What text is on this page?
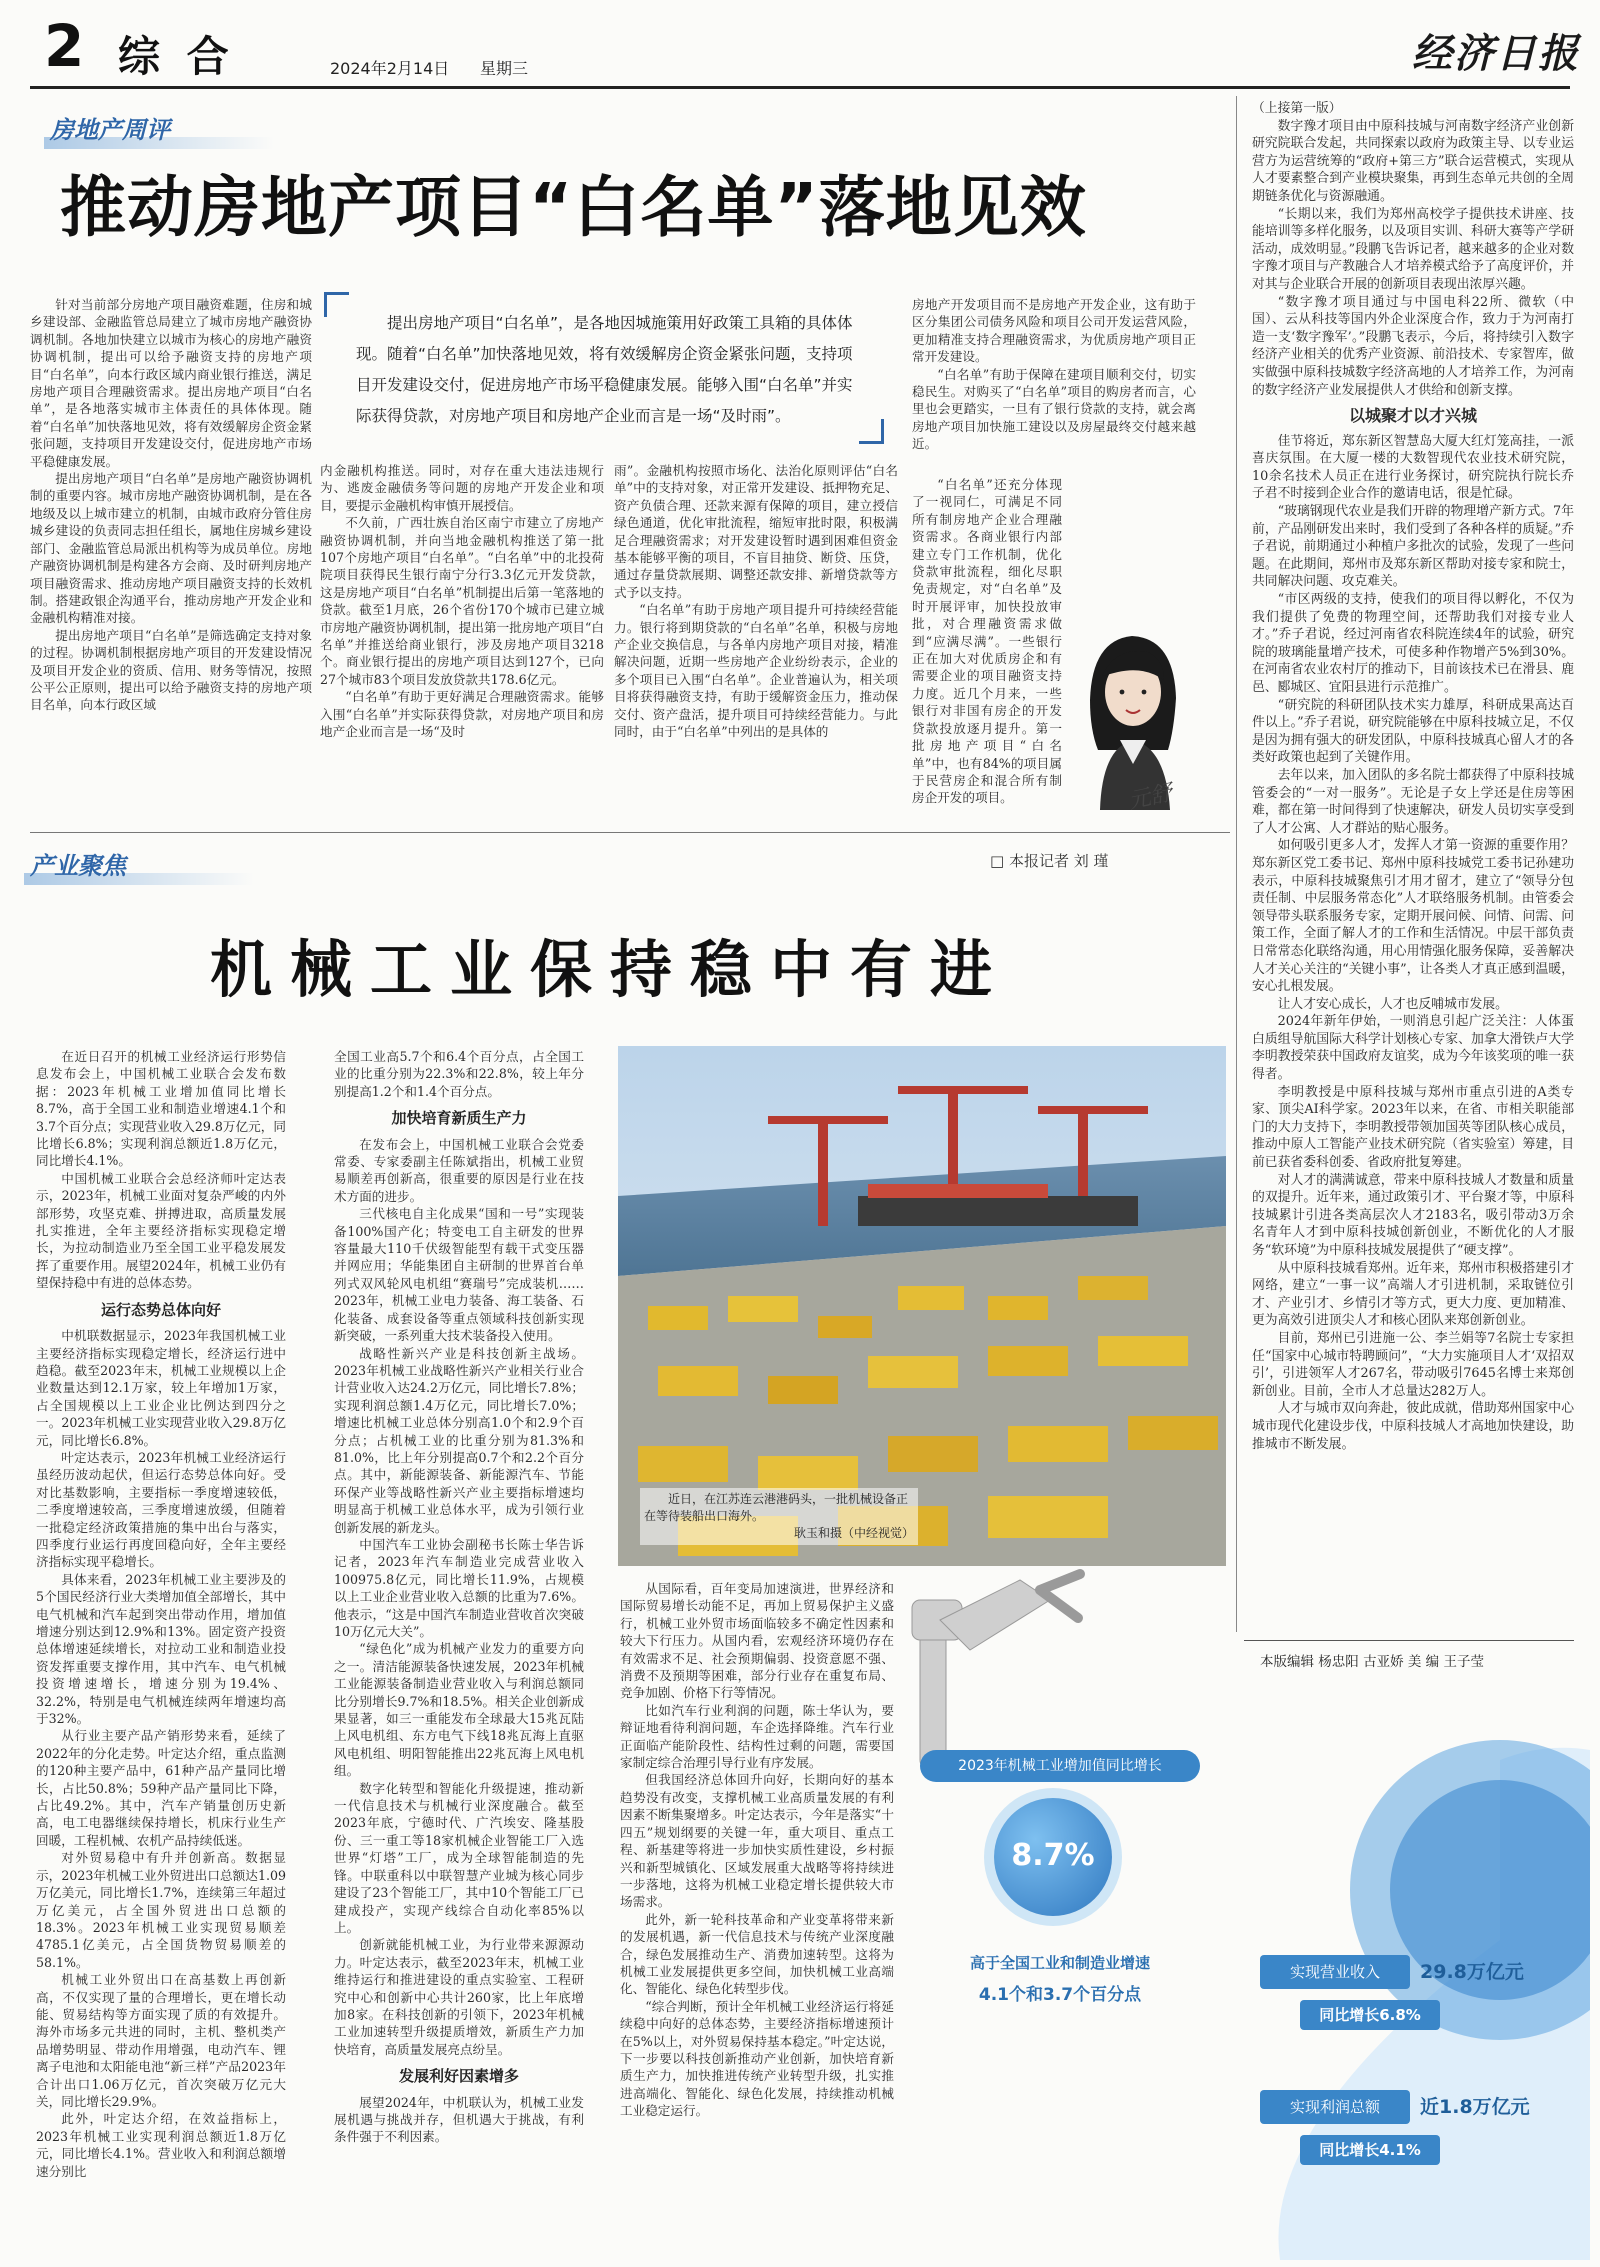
2 综 合	2024年2月14日 星期三	经济日报
房地产周评
推动房地产项目“白名单”落地见效
提出房地产项目“白名单”，是各地因城施策用好政策工具箱的具体体现。随着“白名单”加快落地见效，将有效缓解房企资金紧张问题，支持项目开发建设交付，促进房地产市场平稳健康发展。能够入围“白名单”并实际获得贷款，对房地产项目和房地产企业而言是一场“及时雨”。

针对当前部分房地产项目融资难题，住房和城乡建设部、金融监管总局建立了城市房地产融资协调机制。各地加快建立以城市为核心的房地产融资协调机制，提出可以给予融资支持的房地产项目“白名单”，向本行政区域内商业银行推送，满足房地产项目合理融资需求。提出房地产项目“白名单”，是各地落实城市主体责任的具体体现。随着“白名单”加快落地见效，将有效缓解房企资金紧张问题，支持项目开发建设交付，促进房地产市场平稳健康发展。

提出房地产项目“白名单”是房地产融资协调机制的重要内容。城市房地产融资协调机制，是在各地级及以上城市建立的机制，由城市政府分管住房城乡建设的负责同志担任组长，属地住房城乡建设部门、金融监管总局派出机构等为成员单位。房地产融资协调机制是构建各方会商、及时研判房地产项目融资需求、推动房地产项目融资支持的长效机制。搭建政银企沟通平台，推动房地产开发企业和金融机构精准对接。

提出房地产项目“白名单”是筛选确定支持对象的过程。协调机制根据房地产项目的开发建设情况及项目开发企业的资质、信用、财务等情况，按照公平公正原则，提出可以给予融资支持的房地产项目名单，向本行政区域

内金融机构推送。同时，对存在重大违法违规行为、逃废金融债务等问题的房地产开发企业和项目，要提示金融机构审慎开展授信。

不久前，广西壮族自治区南宁市建立了房地产融资协调机制，并向当地金融机构推送了第一批107个房地产项目“白名单”。“白名单”中的北投荷院项目获得民生银行南宁分行3.3亿元开发贷款，这是房地产项目“白名单”机制提出后第一笔落地的贷款。截至1月底，26个省份170个城市已建立城市房地产融资协调机制，提出第一批房地产项目“白名单”并推送给商业银行，涉及房地产项目3218个。商业银行提出的房地产项目达到127个，已向27个城市83个项目发放贷款共178.6亿元。

“白名单”有助于更好满足合理融资需求。能够入围“白名单”并实际获得贷款，对房地产项目和房地产企业而言是一场“及时

雨”。金融机构按照市场化、法治化原则评估“白名单”中的支持对象，对正常开发建设、抵押物充足、资产负债合理、还款来源有保障的项目，建立授信绿色通道，优化审批流程，缩短审批时限，积极满足合理融资需求；对开发建设暂时遇到困难但资金基本能够平衡的项目，不盲目抽贷、断贷、压贷，通过存量贷款展期、调整还款安排、新增贷款等方式予以支持。

“白名单”有助于房地产项目提升可持续经营能力。银行将到期贷款的“白名单”名单，积极与房地产企业交换信息，与各单内房地产项目对接，精准解决问题，近期一些房地产企业纷纷表示，企业的多个项目已入围“白名单”。企业普遍认为，相关项目将获得融资支持，有助于缓解资金压力，推动保交付、资产盘活，提升项目可持续经营能力。与此同时，由于“白名单”中列出的是具体的

房地产开发项目而不是房地产开发企业，这有助于区分集团公司债务风险和项目公司开发运营风险，更加精准支持合理融资需求，为优质房地产项目正常开发建设。

“白名单”有助于保障在建项目顺利交付，切实稳民生。对购买了“白名单”项目的购房者而言，心里也会更踏实，一旦有了银行贷款的支持，就会离房地产项目加快施工建设以及房屋最终交付越来越近。

“白名单”还充分体现了一视同仁，可满足不同所有制房地产企业合理融资需求。各商业银行内部建立专门工作机制，优化贷款审批流程，细化尽职免责规定，对“白名单”及时开展评审，加快投放审批，对合理融资需求做到“应满尽满”。一些银行正在加大对优质房企和有需要企业的项目融资支持力度。近几个月来，一些银行对非国有房企的开发贷款投放逐月提升。第一批房地产项目“白名单”中，也有84%的项目属于民营房企和混合所有制房企开发的项目。	元舒
产业聚焦	□ 本报记者 刘 瑾
机械工业保持稳中有进

在近日召开的机械工业经济运行形势信息发布会上，中国机械工业联合会发布数据：2023年机械工业增加值同比增长8.7%，高于全国工业和制造业增速4.1个和3.7个百分点；实现营业收入29.8万亿元，同比增长6.8%；实现利润总额近1.8万亿元，同比增长4.1%。

中国机械工业联合会总经济师叶定达表示，2023年，机械工业面对复杂严峻的内外部形势，攻坚克难、拼搏进取，高质量发展扎实推进，全年主要经济指标实现稳定增长，为拉动制造业乃至全国工业平稳发展发挥了重要作用。展望2024年，机械工业仍有望保持稳中有进的总体态势。

运行态势总体向好

中机联数据显示，2023年我国机械工业主要经济指标实现稳定增长，经济运行进中趋稳。截至2023年末，机械工业规模以上企业数量达到12.1万家，较上年增加1万家，占全国规模以上工业企业比例达到四分之一。2023年机械工业实现营业收入29.8万亿元，同比增长6.8%。

叶定达表示，2023年机械工业经济运行虽经历波动起伏，但运行态势总体向好。受对比基数影响，主要指标一季度增速较低，二季度增速较高，三季度增速放缓，但随着一批稳定经济政策措施的集中出台与落实，四季度行业运行再度回稳向好，全年主要经济指标实现平稳增长。

具体来看，2023年机械工业主要涉及的5个国民经济行业大类增加值全部增长，其中电气机械和汽车起到突出带动作用，增加值增速分别达到12.9%和13%。固定资产投资总体增速延续增长，对拉动工业和制造业投资发挥重要支撑作用，其中汽车、电气机械投资增速增长，增速分别为19.4%、32.2%，特别是电气机械连续两年增速均高于32%。

从行业主要产品产销形势来看，延续了2022年的分化走势。叶定达介绍，重点监测的120种主要产品中，61种产品产量同比增长，占比50.8%；59种产品产量同比下降，占比49.2%。其中，汽车产销量创历史新高，电工电器继续保持增长，机床行业生产回暖，工程机械、农机产品持续低迷。

对外贸易稳中有升并创新高。数据显示，2023年机械工业外贸进出口总额达1.09万亿美元，同比增长1.7%，连续第三年超过万亿美元，占全国外贸进出口总额的18.3%。2023年机械工业实现贸易顺差4785.1亿美元，占全国货物贸易顺差的58.1%。

机械工业外贸出口在高基数上再创新高，不仅实现了量的合理增长，更在增长动能、贸易结构等方面实现了质的有效提升。海外市场多元共进的同时，主机、整机类产品增势明显、带动作用增强，电动汽车、锂离子电池和太阳能电池“新三样”产品2023年合计出口1.06万亿元，首次突破万亿元大关，同比增长29.9%。

此外，叶定达介绍，在效益指标上，2023年机械工业实现利润总额近1.8万亿元，同比增长4.1%。营业收入和利润总额增速分别比

全国工业高5.7个和6.4个百分点，占全国工业的比重分别为22.3%和22.8%，较上年分别提高1.2个和1.4个百分点。

加快培育新质生产力

在发布会上，中国机械工业联合会党委常委、专家委副主任陈斌指出，机械工业贸易顺差再创新高，很重要的原因是行业在技术方面的进步。

三代核电自主化成果“国和一号”实现装备100%国产化；特变电工自主研发的世界容量最大110千伏级智能型有载干式变压器并网应用；华能集团自主研制的世界首台单列式双风轮风电机组“赛瑞号”完成装机……2023年，机械工业电力装备、海工装备、石化装备、成套设备等重点领域科技创新实现新突破，一系列重大技术装备投入使用。

战略性新兴产业是科技创新主战场。2023年机械工业战略性新兴产业相关行业合计营业收入达24.2万亿元，同比增长7.8%；实现利润总额1.4万亿元，同比增长7.0%；增速比机械工业总体分别高1.0个和2.9个百分点；占机械工业的比重分别为81.3%和81.0%，比上年分别提高0.7个和2.2个百分点。其中，新能源装备、新能源汽车、节能环保产业等战略性新兴产业主要指标增速均明显高于机械工业总体水平，成为引领行业创新发展的新龙头。

中国汽车工业协会副秘书长陈士华告诉记者，2023年汽车制造业完成营业收入100975.8亿元，同比增长11.9%，占规模以上工业企业营业收入总额的比重为7.6%。他表示，“这是中国汽车制造业营收首次突破10万亿元大关”。

“绿色化”成为机械产业发力的重要方向之一。清洁能源装备快速发展，2023年机械工业能源装备制造业营业收入与利润总额同比分别增长9.7%和18.5%。相关企业创新成果显著，如三一重能发布全球最大15兆瓦陆上风电机组、东方电气下线18兆瓦海上直驱风电机组、明阳智能推出22兆瓦海上风电机组。

数字化转型和智能化升级提速，推动新一代信息技术与机械行业深度融合。截至2023年底，宁德时代、广汽埃安、隆基股份、三一重工等18家机械企业智能工厂入选世界“灯塔”工厂，成为全球智能制造的先锋。中联重科以中联智慧产业城为核心同步建设了23个智能工厂，其中10个智能工厂已建成投产，实现产线综合自动化率85%以上。

创新就能机械工业，为行业带来源源动力。叶定达表示，截至2023年末，机械工业维持运行和推进建设的重点实验室、工程研究中心和创新中心共计260家，比上年底增加8家。在科技创新的引领下，2023年机械工业加速转型升级提质增效，新质生产力加快培育，高质量发展亮点纷呈。

发展利好因素增多

展望2024年，中机联认为，机械工业发展机遇与挑战并存，但机遇大于挑战，有利条件强于不利因素。

近日，在江苏连云港港码头，一批机械设备正在等待装船出口海外。
耿玉和摄（中经视觉）

从国际看，百年变局加速演进，世界经济和国际贸易增长动能不足，再加上贸易保护主义盛行，机械工业外贸市场面临较多不确定性因素和较大下行压力。从国内看，宏观经济环境仍存在有效需求不足、社会预期偏弱、投资意愿不强、消费不及预期等困难，部分行业存在重复布局、竞争加剧、价格下行等情况。

比如汽车行业利润的问题，陈士华认为，要辩证地看待利润问题，车企选择降维。汽车行业正面临产能阶段性、结构性过剩的问题，需要国家制定综合治理引导行业有序发展。

但我国经济总体回升向好，长期向好的基本趋势没有改变，支撑机械工业高质量发展的有利因素不断集聚增多。叶定达表示，今年是落实“十四五”规划纲要的关键一年，重大项目、重点工程、新基建等将进一步加快实质性建设，乡村振兴和新型城镇化、区域发展重大战略等将持续进一步落地，这将为机械工业稳定增长提供较大市场需求。

此外，新一轮科技革命和产业变革将带来新的发展机遇，新一代信息技术与传统产业深度融合，绿色发展推动生产、消费加速转型。这将为机械工业发展提供更多空间，加快机械工业高端化、智能化、绿色化转型步伐。

“综合判断，预计全年机械工业经济运行将延续稳中向好的总体态势，主要经济指标增速预计在5%以上，对外贸易保持基本稳定。”叶定达说，下一步要以科技创新推动产业创新，加快培育新质生产力，加快推进传统产业转型升级，扎实推进高端化、智能化、绿色化发展，持续推动机械工业稳定运行。

2023年机械工业增加值同比增长
8.7%
高于全国工业和制造业增速
4.1个和3.7个百分点
实现营业收入	29.8万亿元
同比增长6.8%
实现利润总额	近1.8万亿元
同比增长4.1%

（上接第一版）

数字豫才项目由中原科技城与河南数字经济产业创新研究院联合发起，共同探索以政府为政策主导、以专业运营方为运营统筹的“政府+第三方”联合运营模式，实现从人才要素整合到产业模块聚集，再到生态单元共创的全周期链条优化与资源融通。

“长期以来，我们为郑州高校学子提供技术讲座、技能培训等多样化服务，以及项目实训、科研大赛等产学研活动，成效明显。”段鹏飞告诉记者，越来越多的企业对数字豫才项目与产教融合人才培养模式给予了高度评价，并对其与企业联合开展的创新项目表现出浓厚兴趣。

“数字豫才项目通过与中国电科22所、微软（中国）、云从科技等国内外企业深度合作，致力于为河南打造一支‘数字豫军’。”段鹏飞表示，今后，将持续引入数字经济产业相关的优秀产业资源、前沿技术、专家智库，做实做强中原科技城数字经济高地的人才培养工作，为河南的数字经济产业发展提供人才供给和创新支撑。

以城聚才以才兴城

佳节将近，郑东新区智慧岛大厦大红灯笼高挂，一派喜庆氛围。在大厦一楼的大数智现代农业技术研究院，10余名技术人员正在进行业务探讨，研究院执行院长乔子君不时接到企业合作的邀请电话，很是忙碌。

“玻璃钢现代农业是我们开辟的物理增产新方式。7年前，产品刚研发出来时，我们受到了各种各样的质疑。”乔子君说，前期通过小种植户多批次的试验，发现了一些问题。在此期间，郑州市及郑东新区帮助对接专家和院士，共同解决问题、攻克难关。

“市区两级的支持，使我们的项目得以孵化，不仅为我们提供了免费的物理空间，还帮助我们对接专业人才。”乔子君说，经过河南省农科院连续4年的试验，研究院的玻璃能量增产技术，可使多种作物增产5%到30%。在河南省农业农村厅的推动下，目前该技术已在滑县、鹿邑、郾城区、宜阳县进行示范推广。

“研究院的科研团队技术实力雄厚，科研成果高达百件以上。”乔子君说，研究院能够在中原科技城立足，不仅是因为拥有强大的研发团队，中原科技城真心留人才的各类好政策也起到了关键作用。

去年以来，加入团队的多名院士都获得了中原科技城管委会的“一对一服务”。无论是子女上学还是住房等困难，都在第一时间得到了快速解决，研发人员切实享受到了人才公寓、人才群站的贴心服务。

如何吸引更多人才，发挥人才第一资源的重要作用？郑东新区党工委书记、郑州中原科技城党工委书记孙建功表示，中原科技城聚焦引才用才留才，建立了“领导分包责任制、中层服务常态化”人才联络服务机制。由管委会领导带头联系服务专家，定期开展问候、问情、问需、问策工作，全面了解人才的工作和生活情况。中层干部负责日常常态化联络沟通，用心用情强化服务保障，妥善解决人才关心关注的“关键小事”，让各类人才真正感到温暖，安心扎根发展。

让人才安心成长，人才也反哺城市发展。

2024年新年伊始，一则消息引起广泛关注：人体蛋白质组导航国际大科学计划核心专家、加拿大滑铁卢大学李明教授荣获中国政府友谊奖，成为今年该奖项的唯一获得者。

李明教授是中原科技城与郑州市重点引进的A类专家、顶尖AI科学家。2023年以来，在省、市相关职能部门的大力支持下，李明教授带领加国英等团队核心成员，推动中原人工智能产业技术研究院（省实验室）筹建，目前已获省委科创委、省政府批复筹建。

对人才的满满诚意，带来中原科技城人才数量和质量的双提升。近年来，通过政策引才、平台聚才等，中原科技城累计引进各类高层次人才2183名，吸引带动3万余名青年人才到中原科技城创新创业，不断优化的人才服务“软环境”为中原科技城发展提供了“硬支撑”。

从中原科技城看郑州。近年来，郑州市积极搭建引才网络，建立“一事一议”高端人才引进机制，采取链位引才、产业引才、乡情引才等方式，更大力度、更加精准、更为高效引进顶尖人才和核心团队来郑创新创业。

目前，郑州已引进施一公、李兰娟等7名院士专家担任“国家中心城市特聘顾问”，“大力实施项目人才‘双招双引’，引进领军人才267名，带动吸引7645名博士来郑创新创业。目前，全市人才总量达282万人。

人才与城市双向奔赴，彼此成就，借助郑州国家中心城市现代化建设步伐，中原科技城人才高地加快建设，助推城市不断发展。

本版编辑 杨忠阳 古亚娇 美 编 王子莹
